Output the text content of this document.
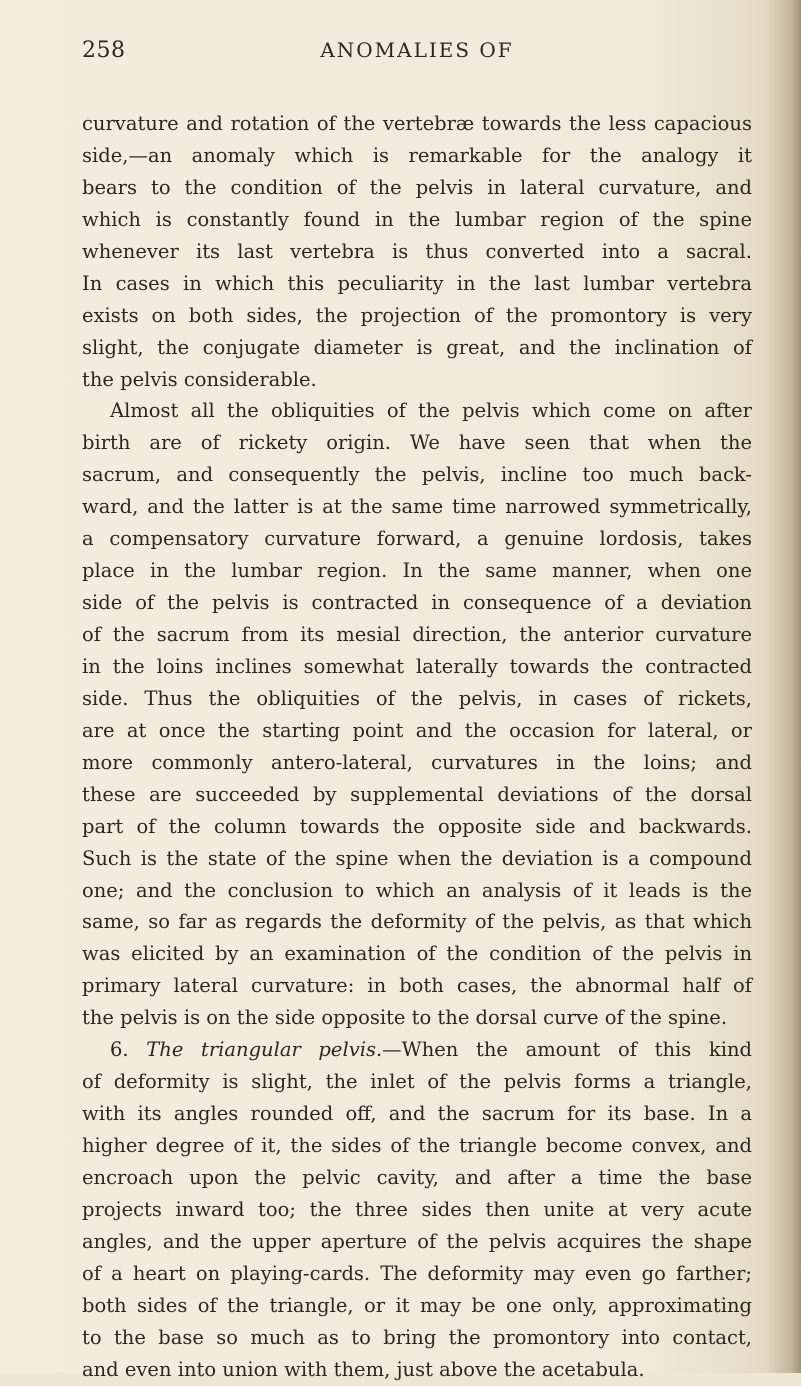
258	ANOMALIES OF
curvature and rotation of the vertebræ towards the less capacious
side,—an anomaly which is remarkable for the analogy it
bears to the condition of the pelvis in lateral curvature, and
which is constantly found in the lumbar region of the spine
whenever its last vertebra is thus converted into a sacral.
In cases in which this peculiarity in the last lumbar vertebra
exists on both sides, the projection of the promontory is very
slight, the conjugate diameter is great, and the inclination of
the pelvis considerable.
Almost all the obliquities of the pelvis which come on after
birth are of rickety origin. We have seen that when the
sacrum, and consequently the pelvis, incline too much back-
ward, and the latter is at the same time narrowed symmetrically,
a compensatory curvature forward, a genuine lordosis, takes
place in the lumbar region. In the same manner, when one
side of the pelvis is contracted in consequence of a deviation
of the sacrum from its mesial direction, the anterior curvature
in the loins inclines somewhat laterally towards the contracted
side. Thus the obliquities of the pelvis, in cases of rickets,
are at once the starting point and the occasion for lateral, or
more commonly antero-lateral, curvatures in the loins; and
these are succeeded by supplemental deviations of the dorsal
part of the column towards the opposite side and backwards.
Such is the state of the spine when the deviation is a compound
one; and the conclusion to which an analysis of it leads is the
same, so far as regards the deformity of the pelvis, as that which
was elicited by an examination of the condition of the pelvis in
primary lateral curvature: in both cases, the abnormal half of
the pelvis is on the side opposite to the dorsal curve of the spine.
6. The triangular pelvis.—When the amount of this kind
of deformity is slight, the inlet of the pelvis forms a triangle,
with its angles rounded off, and the sacrum for its base. In a
higher degree of it, the sides of the triangle become convex, and
encroach upon the pelvic cavity, and after a time the base
projects inward too; the three sides then unite at very acute
angles, and the upper aperture of the pelvis acquires the shape
of a heart on playing-cards. The deformity may even go farther;
both sides of the triangle, or it may be one only, approximating
to the base so much as to bring the promontory into contact,
and even into union with them, just above the acetabula.
